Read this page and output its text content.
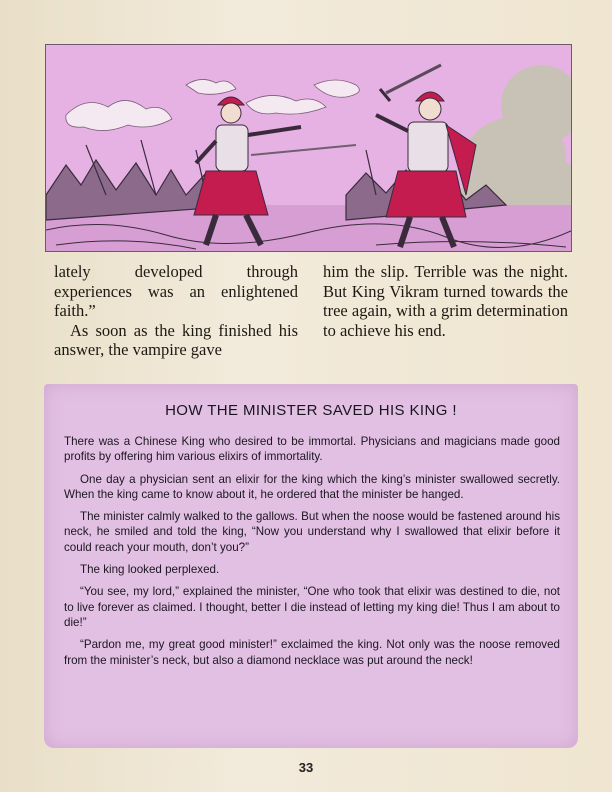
lately developed through experiences was an enlightened faith.”

As soon as the king finished his answer, the vampire gave

him the slip. Terrible was the night. But King Vikram turned towards the tree again, with a grim determination to achieve his end.

HOW THE MINISTER SAVED HIS KING !

There was a Chinese King who desired to be immortal. Physicians and magicians made good profits by offering him various elixirs of immortality.

One day a physician sent an elixir for the king which the king’s minister swallowed secretly. When the king came to know about it, he ordered that the minister be hanged.

The minister calmly walked to the gallows. But when the noose would be fastened around his neck, he smiled and told the king, “Now you understand why I swallowed that elixir before it could reach your mouth, don’t you?”

The king looked perplexed.

“You see, my lord,” explained the minister, “One who took that elixir was destined to die, not to live forever as claimed. I thought, better I die instead of letting my king die! Thus I am about to die!”

“Pardon me, my great good minister!” exclaimed the king. Not only was the noose removed from the minister’s neck, but also a diamond necklace was put around the neck!

33
